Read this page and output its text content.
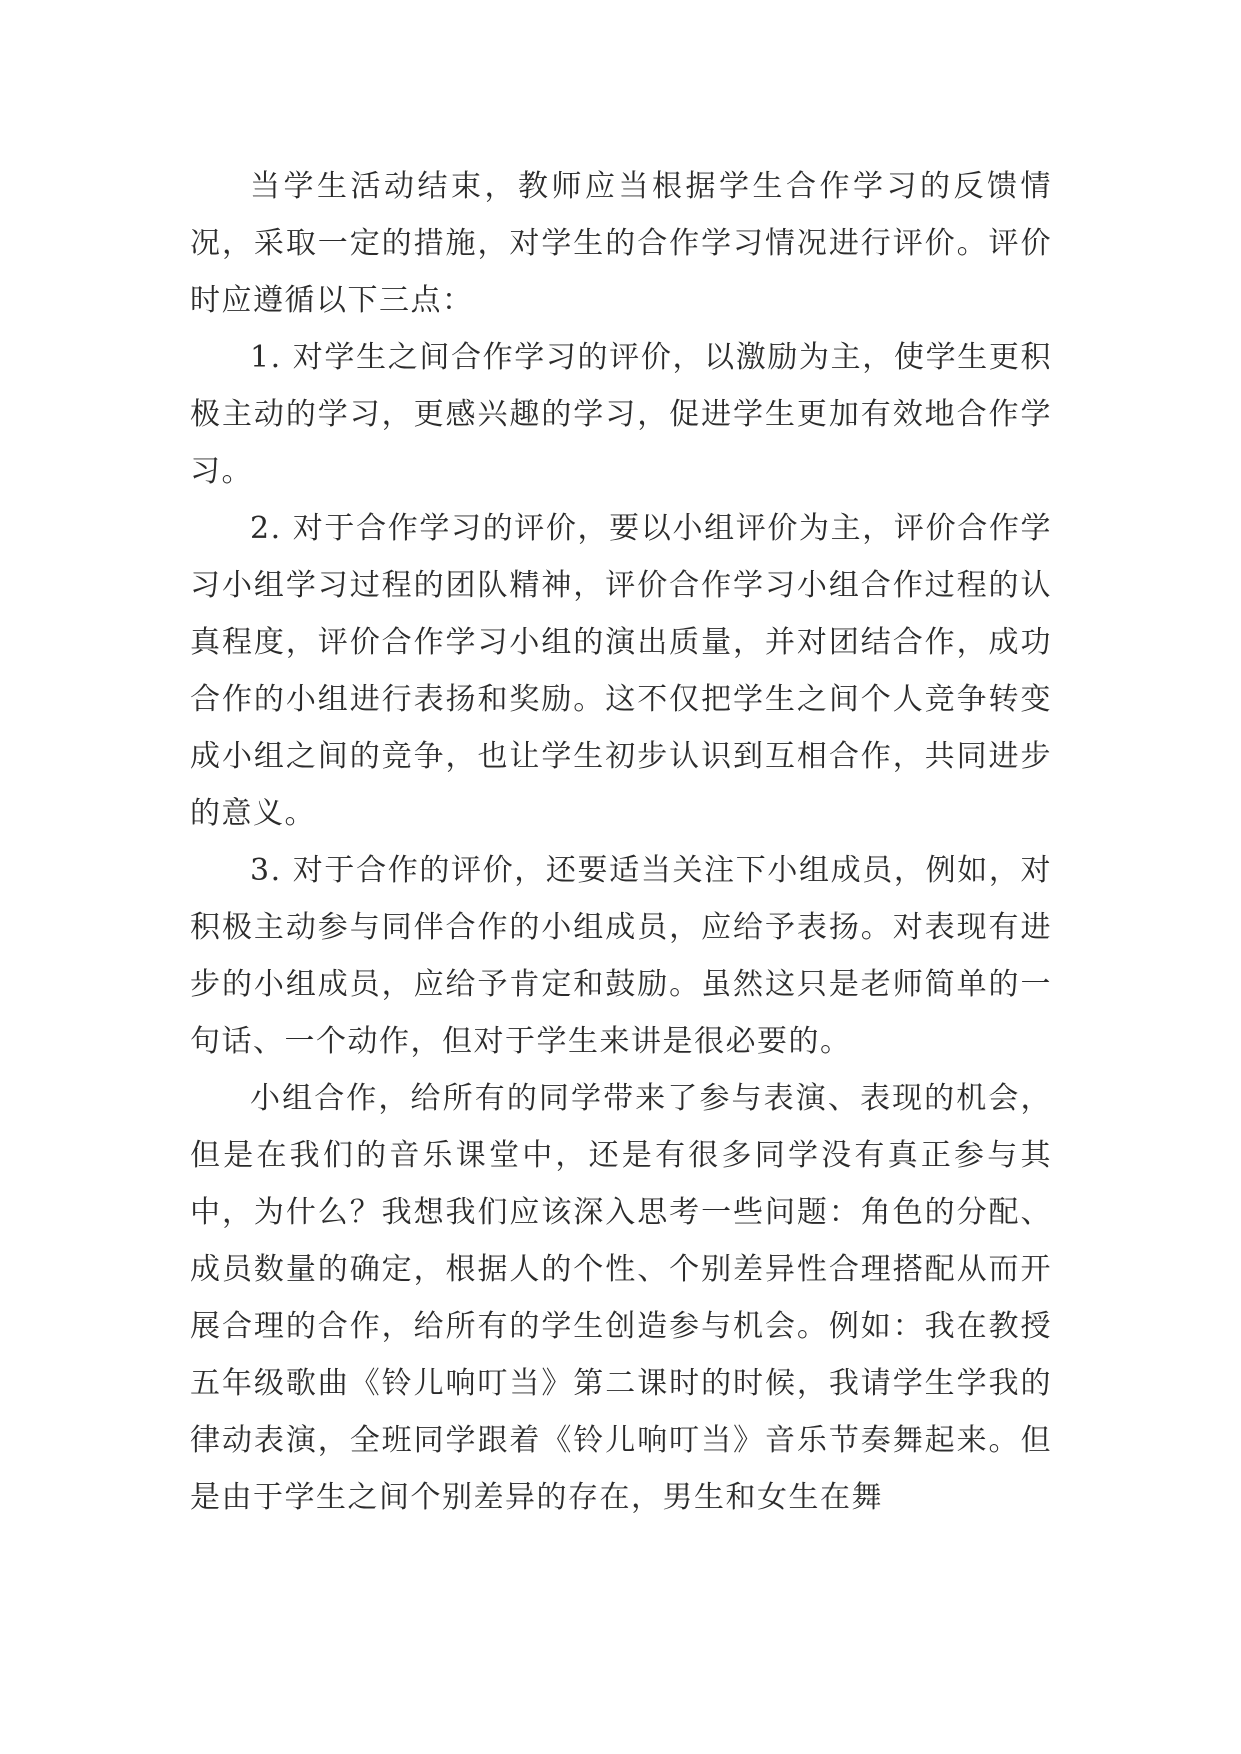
当学生活动结束，教师应当根据学生合作学习的反馈情况，采取一定的措施，对学生的合作学习情况进行评价。评价时应遵循以下三点：

1. 对学生之间合作学习的评价，以激励为主，使学生更积极主动的学习，更感兴趣的学习，促进学生更加有效地合作学习。

2. 对于合作学习的评价，要以小组评价为主，评价合作学习小组学习过程的团队精神，评价合作学习小组合作过程的认真程度，评价合作学习小组的演出质量，并对团结合作，成功合作的小组进行表扬和奖励。这不仅把学生之间个人竞争转变成小组之间的竞争，也让学生初步认识到互相合作，共同进步的意义。

3. 对于合作的评价，还要适当关注下小组成员，例如，对积极主动参与同伴合作的小组成员，应给予表扬。对表现有进步的小组成员，应给予肯定和鼓励。虽然这只是老师简单的一句话、一个动作，但对于学生来讲是很必要的。

小组合作，给所有的同学带来了参与表演、表现的机会，但是在我们的音乐课堂中，还是有很多同学没有真正参与其中，为什么？我想我们应该深入思考一些问题：角色的分配、成员数量的确定，根据人的个性、个别差异性合理搭配从而开展合理的合作，给所有的学生创造参与机会。例如：我在教授五年级歌曲《铃儿响叮当》第二课时的时候，我请学生学我的律动表演，全班同学跟着《铃儿响叮当》音乐节奏舞起来。但是由于学生之间个别差异的存在，男生和女生在舞
